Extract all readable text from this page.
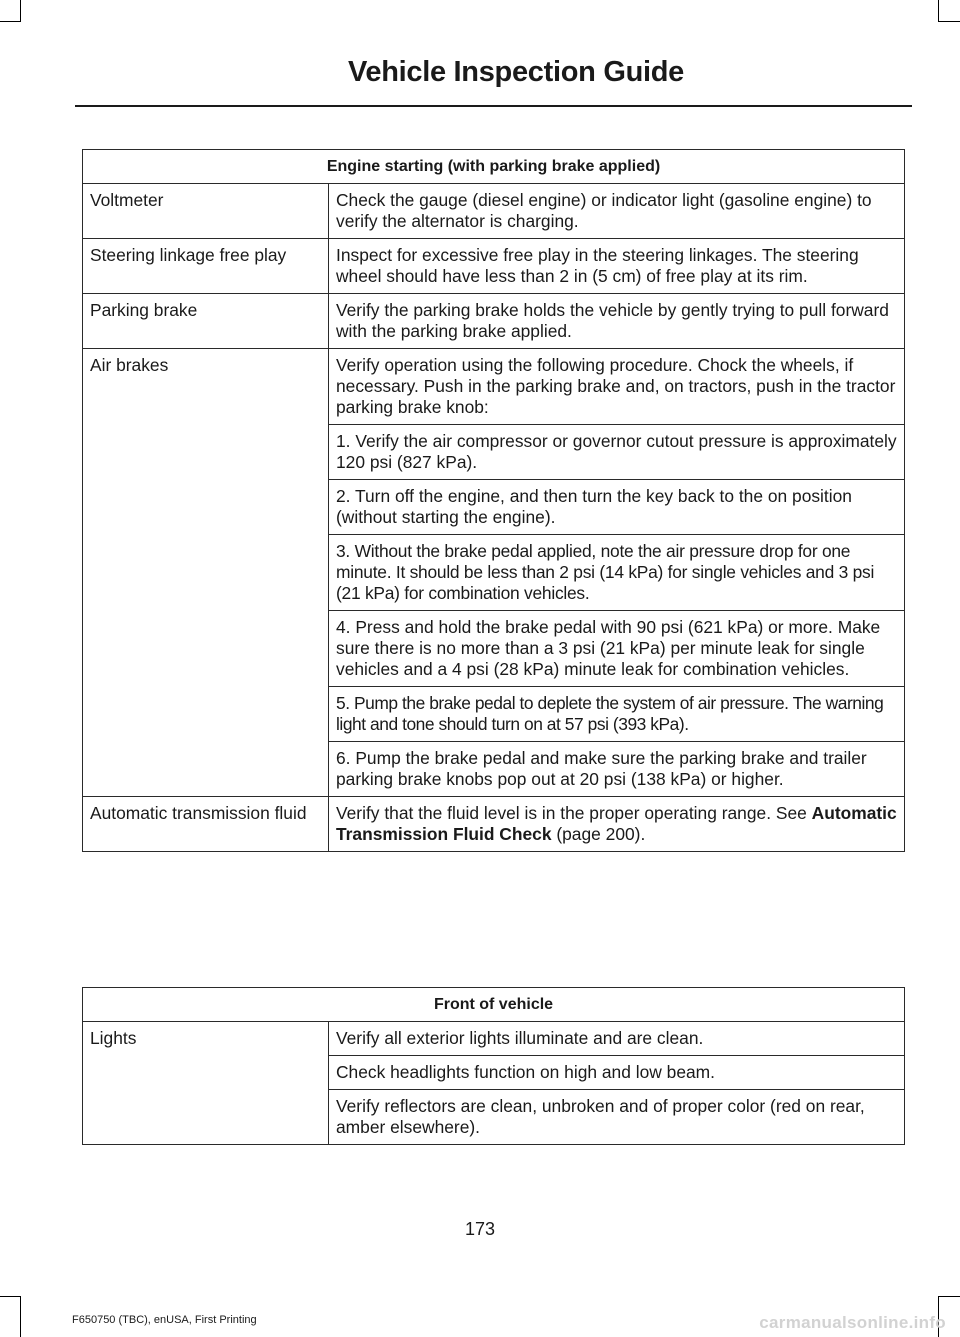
Vehicle Inspection Guide
Engine starting (with parking brake applied)	
Voltmeter	Check the gauge (diesel engine) or indicator light (gasoline engine) to verify the alternator is charging.
Steering linkage free play	Inspect for excessive free play in the steering linkages. The steering wheel should have less than 2 in (5 cm) of free play at its rim.
Parking brake	Verify the parking brake holds the vehicle by gently trying to pull forward with the parking brake applied.
Air brakes	Verify operation using the following procedure. Chock the wheels, if necessary. Push in the parking brake and, on tractors, push in the tractor parking brake knob:
	1. Verify the air compressor or governor cutout pressure is approximately 120 psi (827 kPa).
	2. Turn off the engine, and then turn the key back to the on position (without starting the engine).
	3. Without the brake pedal applied, note the air pressure drop for one minute. It should be less than 2 psi (14 kPa) for single vehicles and 3 psi (21 kPa) for combination vehicles.
	4. Press and hold the brake pedal with 90 psi (621 kPa) or more. Make sure there is no more than a 3 psi (21 kPa) per minute leak for single vehicles and a 4 psi (28 kPa) minute leak for combination vehicles.
	5. Pump the brake pedal to deplete the system of air pressure. The warning light and tone should turn on at 57 psi (393 kPa).
	6. Pump the brake pedal and make sure the parking brake and trailer parking brake knobs pop out at 20 psi (138 kPa) or higher.
Automatic transmission fluid	Verify that the fluid level is in the proper operating range. See Automatic Transmission Fluid Check (page 200).
Front of vehicle
Lights	Verify all exterior lights illuminate and are clean.
Check headlights function on high and low beam.
Verify reflectors are clean, unbroken and of proper color (red on rear, amber elsewhere).
173
F650750 (TBC), enUSA, First Printing	carmanualsonline.info
